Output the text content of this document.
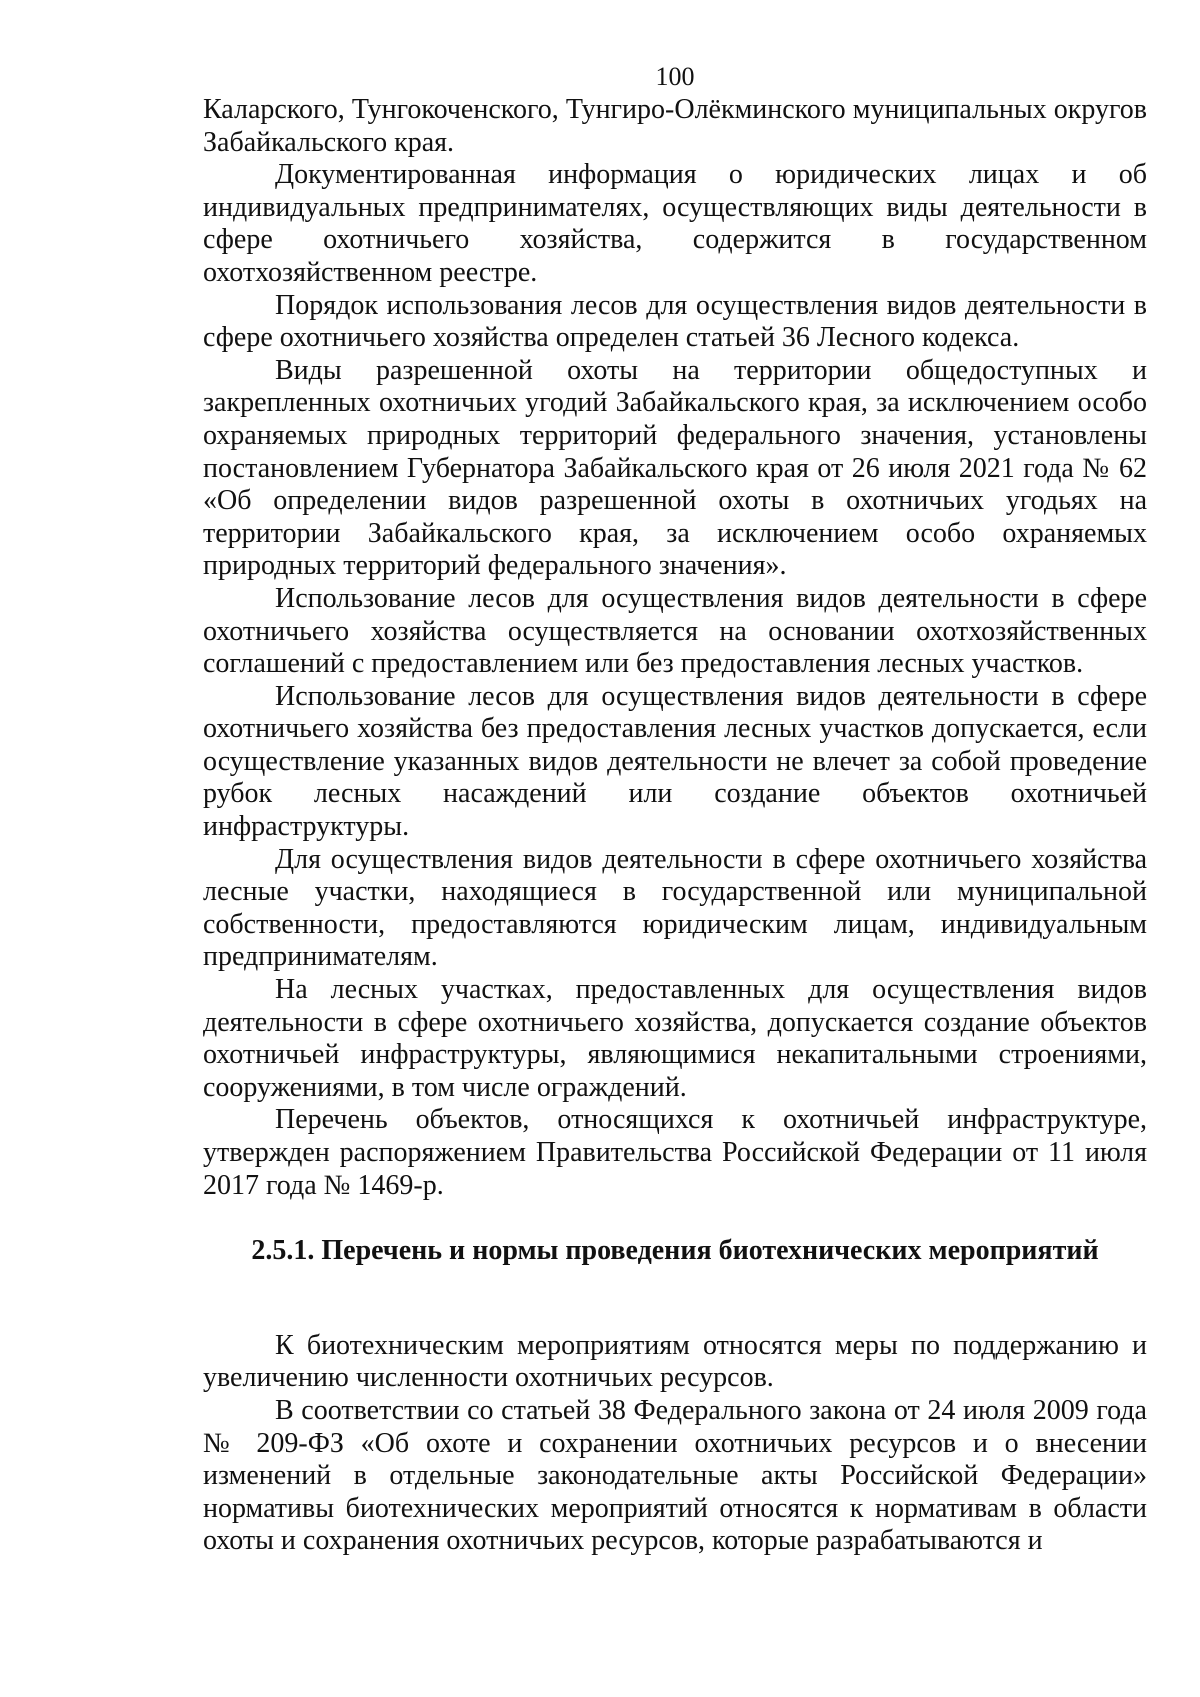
100

Каларского, Тунгокоченского, Тунгиро-Олёкминского муниципальных округов Забайкальского края.

Документированная информация о юридических лицах и об индивидуальных предпринимателях, осуществляющих виды деятельности в сфере охотничьего хозяйства, содержится в государственном охотхозяйственном реестре.

Порядок использования лесов для осуществления видов деятельности в сфере охотничьего хозяйства определен статьей 36 Лесного кодекса.

Виды разрешенной охоты на территории общедоступных и закрепленных охотничьих угодий Забайкальского края, за исключением особо охраняемых природных территорий федерального значения, установлены постановлением Губернатора Забайкальского края от 26 июля 2021 года № 62 «Об определении видов разрешенной охоты в охотничьих угодьях на территории Забайкальского края, за исключением особо охраняемых природных территорий федерального значения».

Использование лесов для осуществления видов деятельности в сфере охотничьего хозяйства осуществляется на основании охотхозяйственных соглашений с предоставлением или без предоставления лесных участков.

Использование лесов для осуществления видов деятельности в сфере охотничьего хозяйства без предоставления лесных участков допускается, если осуществление указанных видов деятельности не влечет за собой проведение рубок лесных насаждений или создание объектов охотничьей инфраструктуры.

Для осуществления видов деятельности в сфере охотничьего хозяйства лесные участки, находящиеся в государственной или муниципальной собственности, предоставляются юридическим лицам, индивидуальным предпринимателям.

На лесных участках, предоставленных для осуществления видов деятельности в сфере охотничьего хозяйства, допускается создание объектов охотничьей инфраструктуры, являющимися некапитальными строениями, сооружениями, в том числе ограждений.

Перечень объектов, относящихся к охотничьей инфраструктуре, утвержден распоряжением Правительства Российской Федерации от 11 июля 2017 года № 1469-р.

2.5.1. Перечень и нормы проведения биотехнических мероприятий

К биотехническим мероприятиям относятся меры по поддержанию и увеличению численности охотничьих ресурсов.

В соответствии со статьей 38 Федерального закона от 24 июля 2009 года № 209-ФЗ «Об охоте и сохранении охотничьих ресурсов и о внесении изменений в отдельные законодательные акты Российской Федерации» нормативы биотехнических мероприятий относятся к нормативам в области охоты и сохранения охотничьих ресурсов, которые разрабатываются и
